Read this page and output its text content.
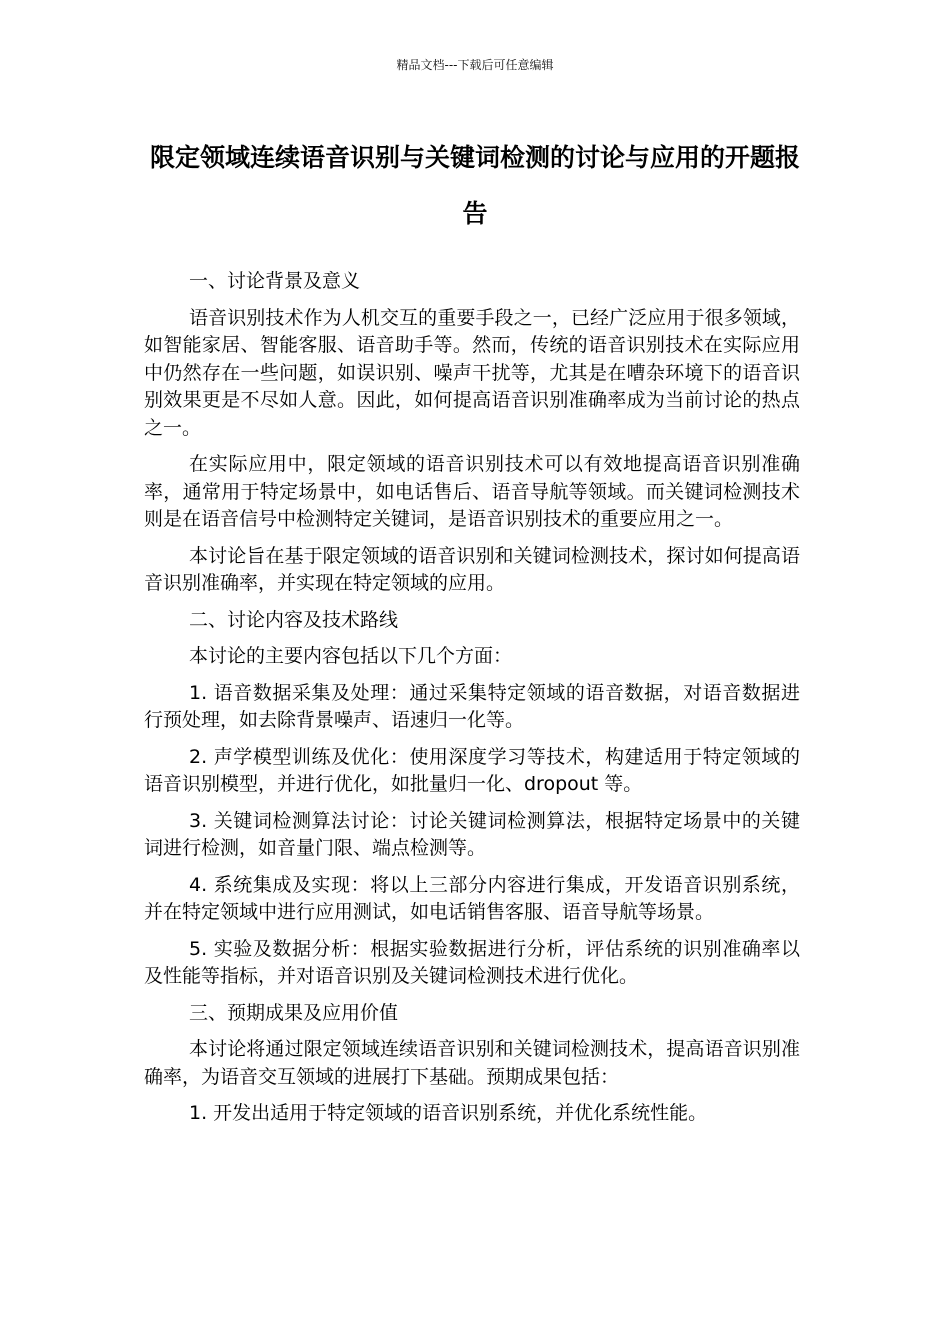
精品文档---下载后可任意编辑
限定领域连续语音识别与关键词检测的讨论与应用的开题报告

一、讨论背景及意义

语音识别技术作为人机交互的重要手段之一，已经广泛应用于很多领域，如智能家居、智能客服、语音助手等。然而，传统的语音识别技术在实际应用中仍然存在一些问题，如误识别、噪声干扰等，尤其是在嘈杂环境下的语音识别效果更是不尽如人意。因此，如何提高语音识别准确率成为当前讨论的热点之一。

在实际应用中，限定领域的语音识别技术可以有效地提高语音识别准确率，通常用于特定场景中，如电话售后、语音导航等领域。而关键词检测技术则是在语音信号中检测特定关键词，是语音识别技术的重要应用之一。

本讨论旨在基于限定领域的语音识别和关键词检测技术，探讨如何提高语音识别准确率，并实现在特定领域的应用。

二、讨论内容及技术路线

本讨论的主要内容包括以下几个方面：

1. 语音数据采集及处理：通过采集特定领域的语音数据，对语音数据进行预处理，如去除背景噪声、语速归一化等。

2. 声学模型训练及优化：使用深度学习等技术，构建适用于特定领域的语音识别模型，并进行优化，如批量归一化、dropout 等。

3. 关键词检测算法讨论：讨论关键词检测算法，根据特定场景中的关键词进行检测，如音量门限、端点检测等。

4. 系统集成及实现：将以上三部分内容进行集成，开发语音识别系统，并在特定领域中进行应用测试，如电话销售客服、语音导航等场景。

5. 实验及数据分析：根据实验数据进行分析，评估系统的识别准确率以及性能等指标，并对语音识别及关键词检测技术进行优化。

三、预期成果及应用价值

本讨论将通过限定领域连续语音识别和关键词检测技术，提高语音识别准确率，为语音交互领域的进展打下基础。预期成果包括：

1. 开发出适用于特定领域的语音识别系统，并优化系统性能。
